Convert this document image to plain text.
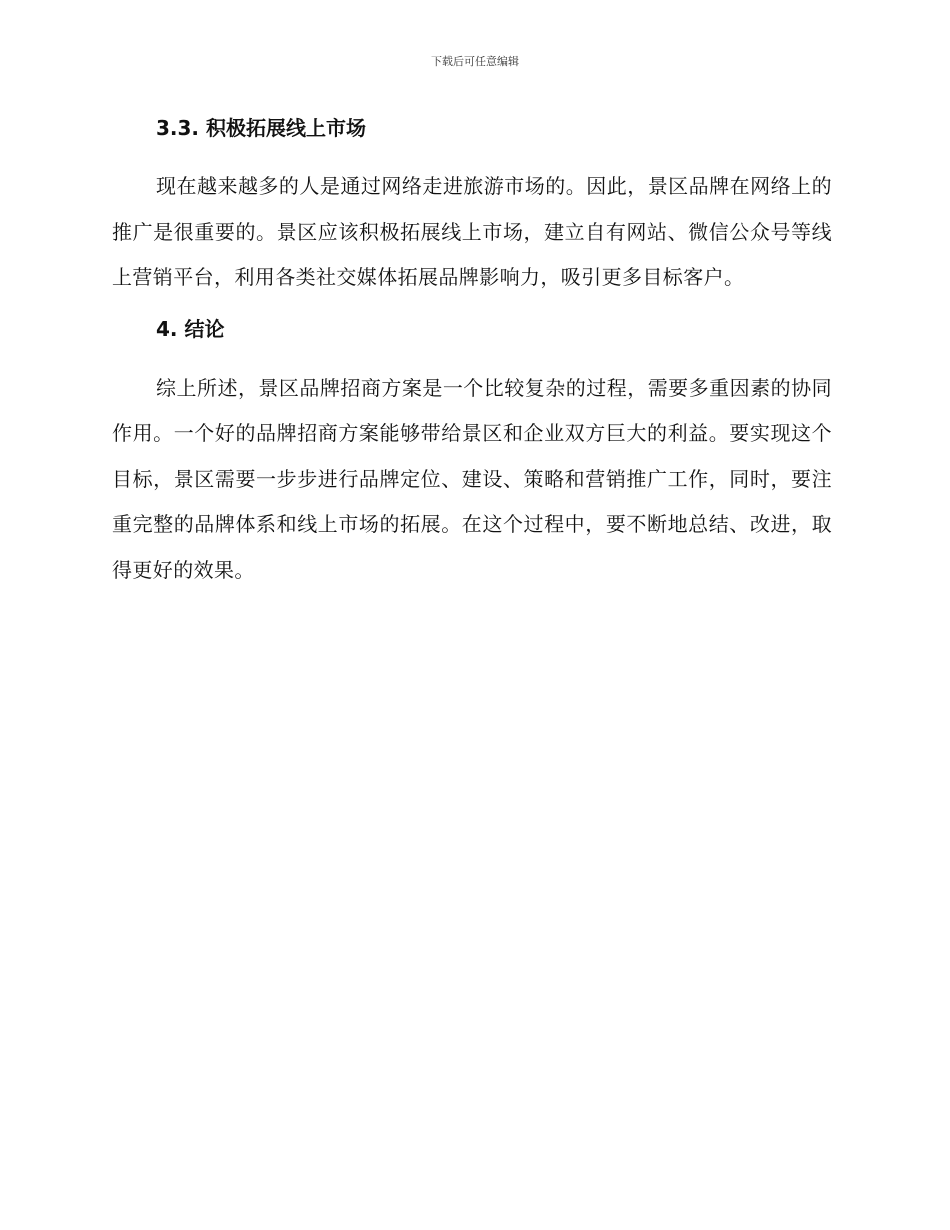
下载后可任意编辑
3.3. 积极拓展线上市场

现在越来越多的人是通过网络走进旅游市场的。因此，景区品牌在网络上的推广是很重要的。景区应该积极拓展线上市场，建立自有网站、微信公众号等线上营销平台，利用各类社交媒体拓展品牌影响力，吸引更多目标客户。

4. 结论

综上所述，景区品牌招商方案是一个比较复杂的过程，需要多重因素的协同作用。一个好的品牌招商方案能够带给景区和企业双方巨大的利益。要实现这个目标，景区需要一步步进行品牌定位、建设、策略和营销推广工作，同时，要注重完整的品牌体系和线上市场的拓展。在这个过程中，要不断地总结、改进，取得更好的效果。
